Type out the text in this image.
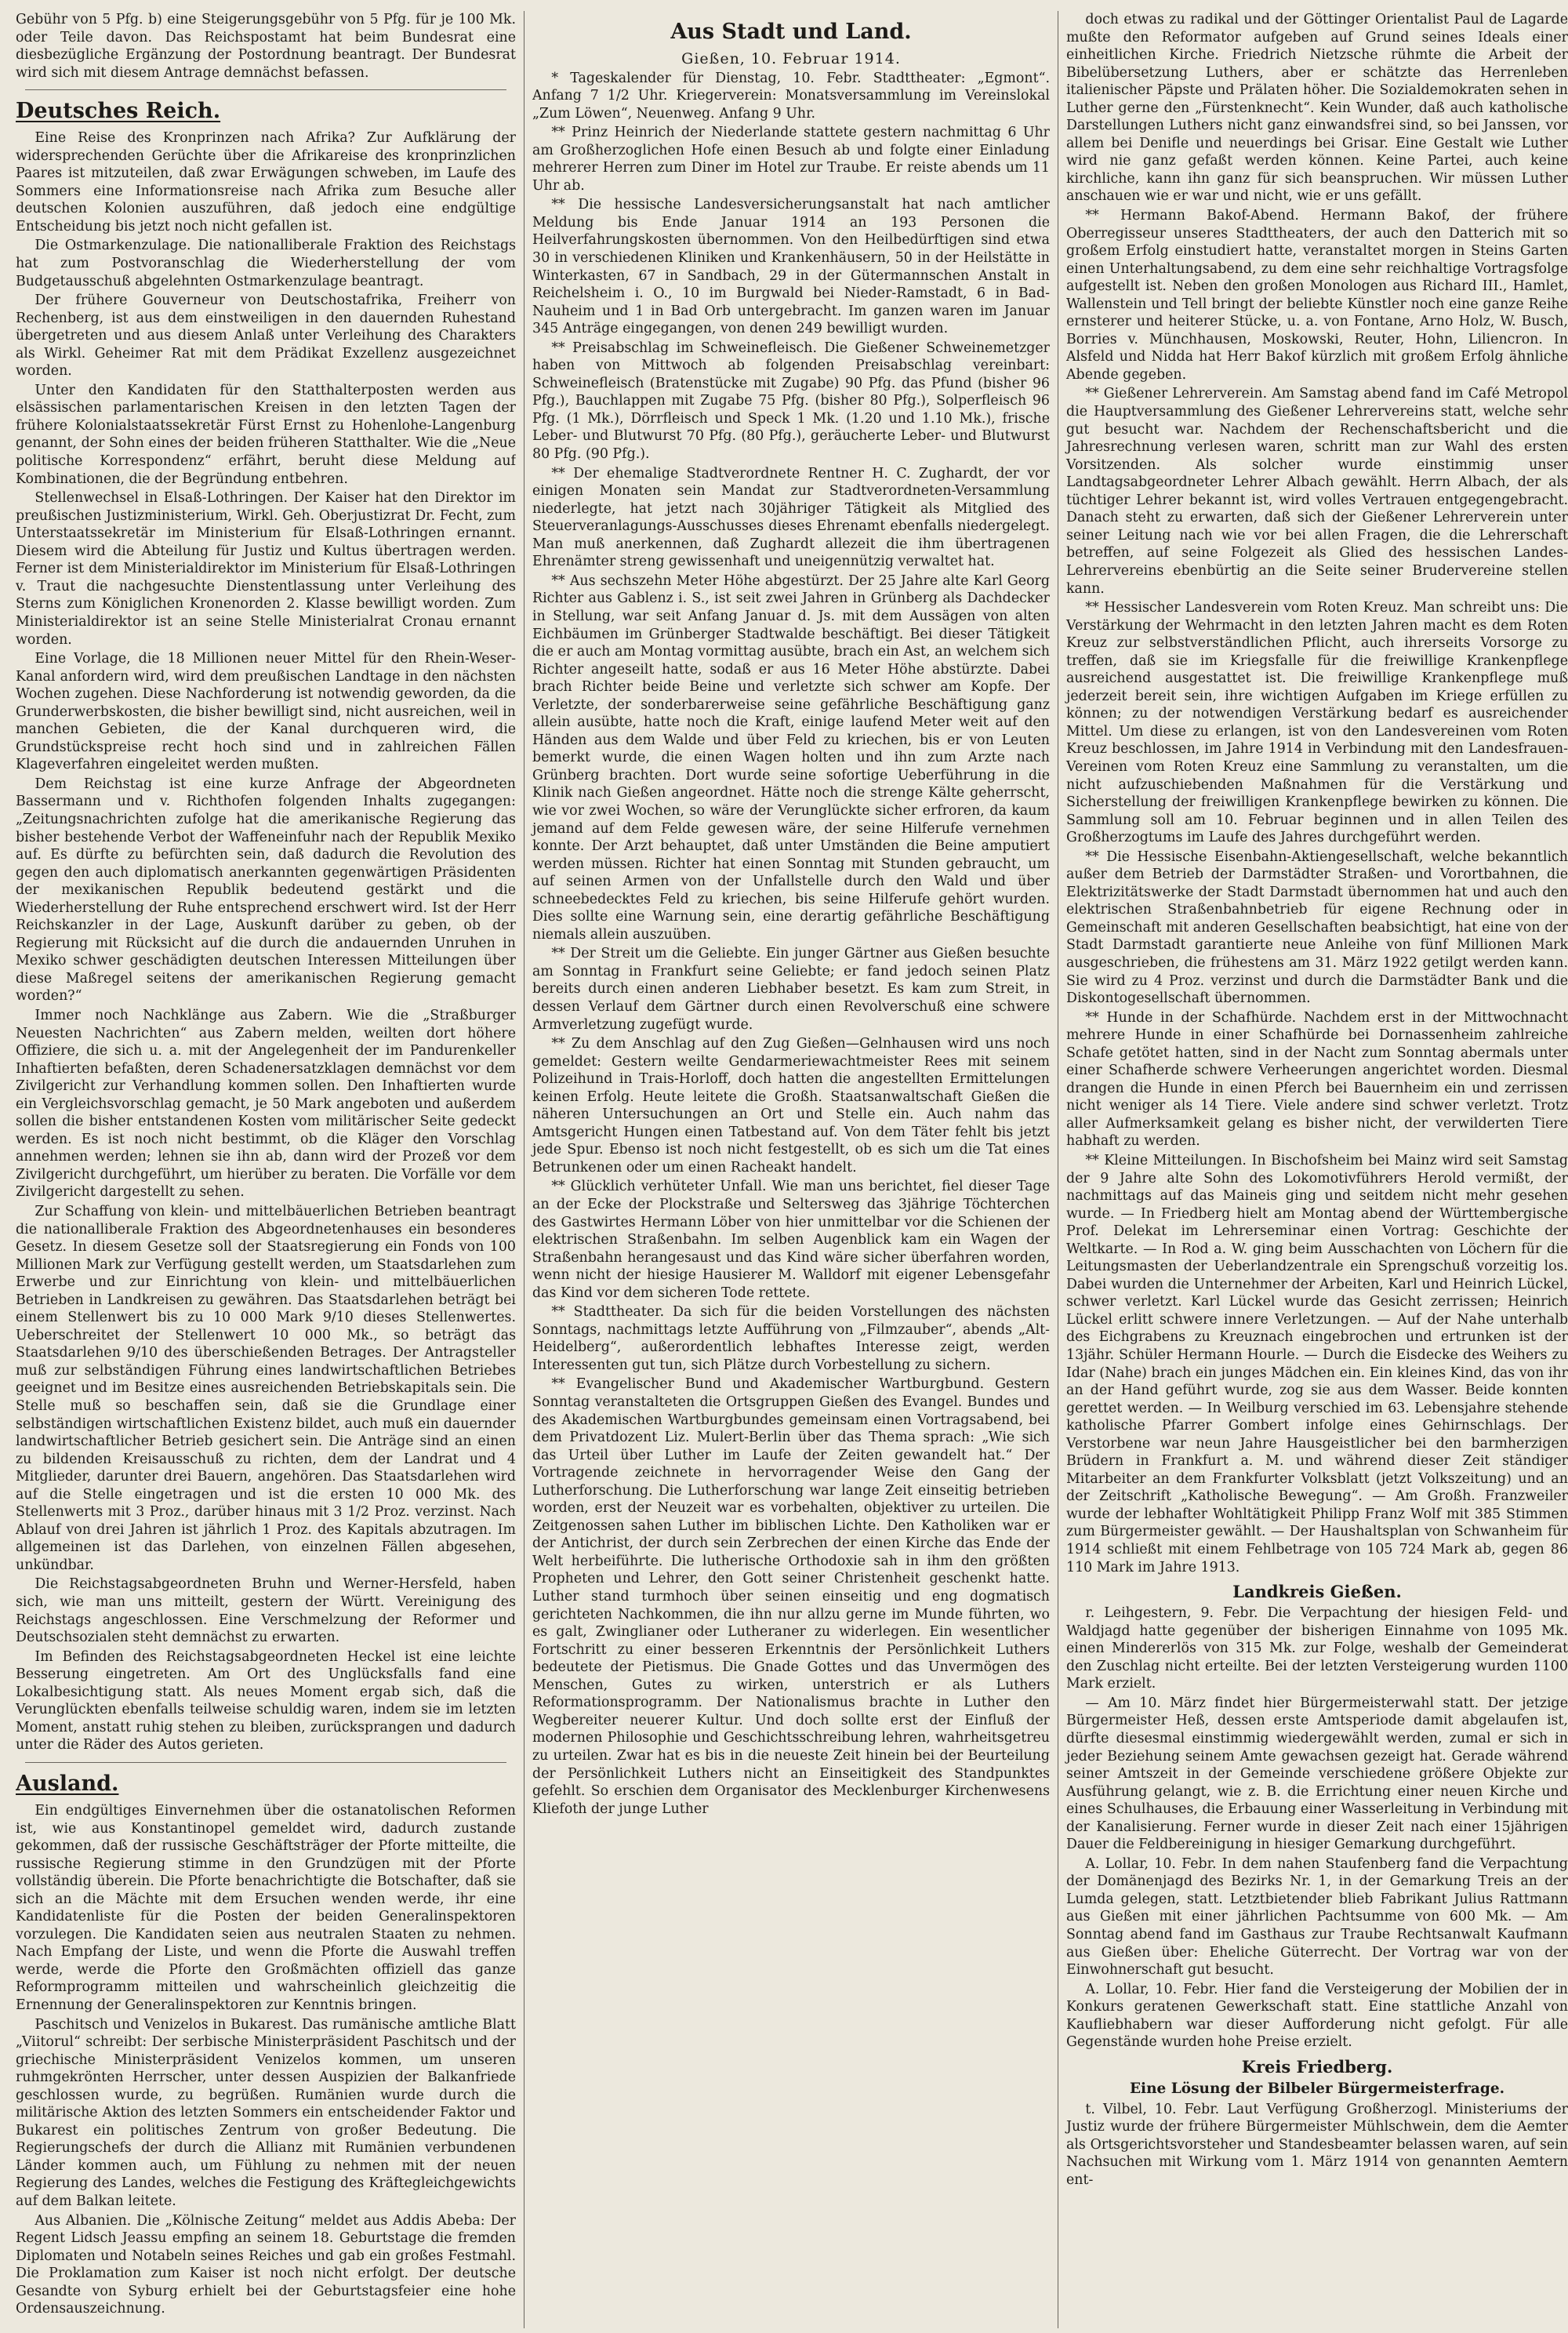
Gebühr von 5 Pfg. b) eine Steigerungsgebühr von 5 Pfg. für je 100 Mk. oder Teile davon. Das Reichspostamt hat beim Bundesrat eine diesbezügliche Ergänzung der Postordnung beantragt. Der Bundesrat wird sich mit diesem Antrage demnächst befassen.

Deutsches Reich.

Eine Reise des Kronprinzen nach Afrika? Zur Aufklärung der widersprechenden Gerüchte über die Afrikareise des kronprinzlichen Paares ist mitzuteilen, daß zwar Erwägungen schweben, im Laufe des Sommers eine Informationsreise nach Afrika zum Besuche aller deutschen Kolonien auszuführen, daß jedoch eine endgültige Entscheidung bis jetzt noch nicht gefallen ist.

Die Ostmarkenzulage. Die nationalliberale Fraktion des Reichstags hat zum Postvoranschlag die Wiederherstellung der vom Budgetausschuß abgelehnten Ostmarkenzulage beantragt.

Der frühere Gouverneur von Deutschostafrika, Freiherr von Rechenberg, ist aus dem einstweiligen in den dauernden Ruhestand übergetreten und aus diesem Anlaß unter Verleihung des Charakters als Wirkl. Geheimer Rat mit dem Prädikat Exzellenz ausgezeichnet worden.

Unter den Kandidaten für den Statthalterposten werden aus elsässischen parlamentarischen Kreisen in den letzten Tagen der frühere Kolonialstaatssekretär Fürst Ernst zu Hohenlohe-Langenburg genannt, der Sohn eines der beiden früheren Statthalter. Wie die „Neue politische Korrespondenz“ erfährt, beruht diese Meldung auf Kombinationen, die der Begründung entbehren.

Stellenwechsel in Elsaß-Lothringen. Der Kaiser hat den Direktor im preußischen Justizministerium, Wirkl. Geh. Oberjustizrat Dr. Fecht, zum Unterstaatssekretär im Ministerium für Elsaß-Lothringen ernannt. Diesem wird die Abteilung für Justiz und Kultus übertragen werden. Ferner ist dem Ministerialdirektor im Ministerium für Elsaß-Lothringen v. Traut die nachgesuchte Dienstentlassung unter Verleihung des Sterns zum Königlichen Kronenorden 2. Klasse bewilligt worden. Zum Ministerialdirektor ist an seine Stelle Ministerialrat Cronau ernannt worden.

Eine Vorlage, die 18 Millionen neuer Mittel für den Rhein-Weser-Kanal anfordern wird, wird dem preußischen Landtage in den nächsten Wochen zugehen. Diese Nachforderung ist notwendig geworden, da die Grunderwerbskosten, die bisher bewilligt sind, nicht ausreichen, weil in manchen Gebieten, die der Kanal durchqueren wird, die Grundstückspreise recht hoch sind und in zahlreichen Fällen Klageverfahren eingeleitet werden mußten.

Dem Reichstag ist eine kurze Anfrage der Abgeordneten Bassermann und v. Richthofen folgenden Inhalts zugegangen: „Zeitungsnachrichten zufolge hat die amerikanische Regierung das bisher bestehende Verbot der Waffeneinfuhr nach der Republik Mexiko auf. Es dürfte zu befürchten sein, daß dadurch die Revolution des gegen den auch diplomatisch anerkannten gegenwärtigen Präsidenten der mexikanischen Republik bedeutend gestärkt und die Wiederherstellung der Ruhe entsprechend erschwert wird. Ist der Herr Reichskanzler in der Lage, Auskunft darüber zu geben, ob der Regierung mit Rücksicht auf die durch die andauernden Unruhen in Mexiko schwer geschädigten deutschen Interessen Mitteilungen über diese Maßregel seitens der amerikanischen Regierung gemacht worden?“

Immer noch Nachklänge aus Zabern. Wie die „Straßburger Neuesten Nachrichten“ aus Zabern melden, weilten dort höhere Offiziere, die sich u. a. mit der Angelegenheit der im Pandurenkeller Inhaftierten befaßten, deren Schadenersatzklagen demnächst vor dem Zivilgericht zur Verhandlung kommen sollen. Den Inhaftierten wurde ein Vergleichsvorschlag gemacht, je 50 Mark angeboten und außerdem sollen die bisher entstandenen Kosten vom militärischer Seite gedeckt werden. Es ist noch nicht bestimmt, ob die Kläger den Vorschlag annehmen werden; lehnen sie ihn ab, dann wird der Prozeß vor dem Zivilgericht durchgeführt, um hierüber zu beraten. Die Vorfälle vor dem Zivilgericht dargestellt zu sehen.

Zur Schaffung von klein- und mittelbäuerlichen Betrieben beantragt die nationalliberale Fraktion des Abgeordnetenhauses ein besonderes Gesetz. In diesem Gesetze soll der Staatsregierung ein Fonds von 100 Millionen Mark zur Verfügung gestellt werden, um Staatsdarlehen zum Erwerbe und zur Einrichtung von klein- und mittelbäuerlichen Betrieben in Landkreisen zu gewähren. Das Staatsdarlehen beträgt bei einem Stellenwert bis zu 10 000 Mark 9/10 dieses Stellenwertes. Ueberschreitet der Stellenwert 10 000 Mk., so beträgt das Staatsdarlehen 9/10 des überschießenden Betrages. Der Antragsteller muß zur selbständigen Führung eines landwirtschaftlichen Betriebes geeignet und im Besitze eines ausreichenden Betriebskapitals sein. Die Stelle muß so beschaffen sein, daß sie die Grundlage einer selbständigen wirtschaftlichen Existenz bildet, auch muß ein dauernder landwirtschaftlicher Betrieb gesichert sein. Die Anträge sind an einen zu bildenden Kreisausschuß zu richten, dem der Landrat und 4 Mitglieder, darunter drei Bauern, angehören. Das Staatsdarlehen wird auf die Stelle eingetragen und ist die ersten 10 000 Mk. des Stellenwerts mit 3 Proz., darüber hinaus mit 3 1/2 Proz. verzinst. Nach Ablauf von drei Jahren ist jährlich 1 Proz. des Kapitals abzutragen. Im allgemeinen ist das Darlehen, von einzelnen Fällen abgesehen, unkündbar.

Die Reichstagsabgeordneten Bruhn und Werner-Hersfeld, haben sich, wie man uns mitteilt, gestern der Württ. Vereinigung des Reichstags angeschlossen. Eine Verschmelzung der Reformer und Deutschsozialen steht demnächst zu erwarten.

Im Befinden des Reichstagsabgeordneten Heckel ist eine leichte Besserung eingetreten. Am Ort des Unglücksfalls fand eine Lokalbesichtigung statt. Als neues Moment ergab sich, daß die Verunglückten ebenfalls teilweise schuldig waren, indem sie im letzten Moment, anstatt ruhig stehen zu bleiben, zurücksprangen und dadurch unter die Räder des Autos gerieten.

Ausland.

Ein endgültiges Einvernehmen über die ostanatolischen Reformen ist, wie aus Konstantinopel gemeldet wird, dadurch zustande gekommen, daß der russische Geschäftsträger der Pforte mitteilte, die russische Regierung stimme in den Grundzügen mit der Pforte vollständig überein. Die Pforte benachrichtigte die Botschafter, daß sie sich an die Mächte mit dem Ersuchen wenden werde, ihr eine Kandidatenliste für die Posten der beiden Generalinspektoren vorzulegen. Die Kandidaten seien aus neutralen Staaten zu nehmen. Nach Empfang der Liste, und wenn die Pforte die Auswahl treffen werde, werde die Pforte den Großmächten offiziell das ganze Reformprogramm mitteilen und wahrscheinlich gleichzeitig die Ernennung der Generalinspektoren zur Kenntnis bringen.

Paschitsch und Venizelos in Bukarest. Das rumänische amtliche Blatt „Viitorul“ schreibt: Der serbische Ministerpräsident Paschitsch und der griechische Ministerpräsident Venizelos kommen, um unseren ruhmgekrönten Herrscher, unter dessen Auspizien der Balkanfriede geschlossen wurde, zu begrüßen. Rumänien wurde durch die militärische Aktion des letzten Sommers ein entscheidender Faktor und Bukarest ein politisches Zentrum von großer Bedeutung. Die Regierungschefs der durch die Allianz mit Rumänien verbundenen Länder kommen auch, um Fühlung zu nehmen mit der neuen Regierung des Landes, welches die Festigung des Kräftegleichgewichts auf dem Balkan leitete.

Aus Albanien. Die „Kölnische Zeitung“ meldet aus Addis Abeba: Der Regent Lidsch Jeassu empfing an seinem 18. Geburtstage die fremden Diplomaten und Notabeln seines Reiches und gab ein großes Festmahl. Die Proklamation zum Kaiser ist noch nicht erfolgt. Der deutsche Gesandte von Syburg erhielt bei der Geburtstagsfeier eine hohe Ordensauszeichnung.

Aus Stadt und Land.
Gießen, 10. Februar 1914.

* Tageskalender für Dienstag, 10. Febr. Stadttheater: „Egmont“. Anfang 7 1/2 Uhr. Kriegerverein: Monatsversammlung im Vereinslokal „Zum Löwen“, Neuenweg. Anfang 9 Uhr.

** Prinz Heinrich der Niederlande stattete gestern nachmittag 6 Uhr am Großherzoglichen Hofe einen Besuch ab und folgte einer Einladung mehrerer Herren zum Diner im Hotel zur Traube. Er reiste abends um 11 Uhr ab.

** Die hessische Landesversicherungsanstalt hat nach amtlicher Meldung bis Ende Januar 1914 an 193 Personen die Heilverfahrungskosten übernommen. Von den Heilbedürftigen sind etwa 30 in verschiedenen Kliniken und Krankenhäusern, 50 in der Heilstätte in Winterkasten, 67 in Sandbach, 29 in der Gütermannschen Anstalt in Reichelsheim i. O., 10 im Burgwald bei Nieder-Ramstadt, 6 in Bad-Nauheim und 1 in Bad Orb untergebracht. Im ganzen waren im Januar 345 Anträge eingegangen, von denen 249 bewilligt wurden.

** Preisabschlag im Schweinefleisch. Die Gießener Schweinemetzger haben von Mittwoch ab folgenden Preisabschlag vereinbart: Schweinefleisch (Bratenstücke mit Zugabe) 90 Pfg. das Pfund (bisher 96 Pfg.), Bauchlappen mit Zugabe 75 Pfg. (bisher 80 Pfg.), Solperfleisch 96 Pfg. (1 Mk.), Dörrfleisch und Speck 1 Mk. (1.20 und 1.10 Mk.), frische Leber- und Blutwurst 70 Pfg. (80 Pfg.), geräucherte Leber- und Blutwurst 80 Pfg. (90 Pfg.).

** Der ehemalige Stadtverordnete Rentner H. C. Zughardt, der vor einigen Monaten sein Mandat zur Stadtverordneten-Versammlung niederlegte, hat jetzt nach 30jähriger Tätigkeit als Mitglied des Steuerveranlagungs-Ausschusses dieses Ehrenamt ebenfalls niedergelegt. Man muß anerkennen, daß Zughardt allezeit die ihm übertragenen Ehrenämter streng gewissenhaft und uneigennützig verwaltet hat.

** Aus sechszehn Meter Höhe abgestürzt. Der 25 Jahre alte Karl Georg Richter aus Gablenz i. S., ist seit zwei Jahren in Grünberg als Dachdecker in Stellung, war seit Anfang Januar d. Js. mit dem Aussägen von alten Eichbäumen im Grünberger Stadtwalde beschäftigt. Bei dieser Tätigkeit die er auch am Montag vormittag ausübte, brach ein Ast, an welchem sich Richter angeseilt hatte, sodaß er aus 16 Meter Höhe abstürzte. Dabei brach Richter beide Beine und verletzte sich schwer am Kopfe. Der Verletzte, der sonderbarerweise seine gefährliche Beschäftigung ganz allein ausübte, hatte noch die Kraft, einige laufend Meter weit auf den Händen aus dem Walde und über Feld zu kriechen, bis er von Leuten bemerkt wurde, die einen Wagen holten und ihn zum Arzte nach Grünberg brachten. Dort wurde seine sofortige Ueberführung in die Klinik nach Gießen angeordnet. Hätte noch die strenge Kälte geherrscht, wie vor zwei Wochen, so wäre der Verunglückte sicher erfroren, da kaum jemand auf dem Felde gewesen wäre, der seine Hilferufe vernehmen konnte. Der Arzt behauptet, daß unter Umständen die Beine amputiert werden müssen. Richter hat einen Sonntag mit Stunden gebraucht, um auf seinen Armen von der Unfallstelle durch den Wald und über schneebedecktes Feld zu kriechen, bis seine Hilferufe gehört wurden. Dies sollte eine Warnung sein, eine derartig gefährliche Beschäftigung niemals allein auszuüben.

** Der Streit um die Geliebte. Ein junger Gärtner aus Gießen besuchte am Sonntag in Frankfurt seine Geliebte; er fand jedoch seinen Platz bereits durch einen anderen Liebhaber besetzt. Es kam zum Streit, in dessen Verlauf dem Gärtner durch einen Revolverschuß eine schwere Armverletzung zugefügt wurde.

** Zu dem Anschlag auf den Zug Gießen—Gelnhausen wird uns noch gemeldet: Gestern weilte Gendarmeriewachtmeister Rees mit seinem Polizeihund in Trais-Horloff, doch hatten die angestellten Ermittelungen keinen Erfolg. Heute leitete die Großh. Staatsanwaltschaft Gießen die näheren Untersuchungen an Ort und Stelle ein. Auch nahm das Amtsgericht Hungen einen Tatbestand auf. Von dem Täter fehlt bis jetzt jede Spur. Ebenso ist noch nicht festgestellt, ob es sich um die Tat eines Betrunkenen oder um einen Racheakt handelt.

** Glücklich verhüteter Unfall. Wie man uns berichtet, fiel dieser Tage an der Ecke der Plockstraße und Seltersweg das 3jährige Töchterchen des Gastwirtes Hermann Löber von hier unmittelbar vor die Schienen der elektrischen Straßenbahn. Im selben Augenblick kam ein Wagen der Straßenbahn herangesaust und das Kind wäre sicher überfahren worden, wenn nicht der hiesige Hausierer M. Walldorf mit eigener Lebensgefahr das Kind vor dem sicheren Tode rettete.

** Stadttheater. Da sich für die beiden Vorstellungen des nächsten Sonntags, nachmittags letzte Aufführung von „Filmzauber“, abends „Alt-Heidelberg“, außerordentlich lebhaftes Interesse zeigt, werden Interessenten gut tun, sich Plätze durch Vorbestellung zu sichern.

** Evangelischer Bund und Akademischer Wartburgbund. Gestern Sonntag veranstalteten die Ortsgruppen Gießen des Evangel. Bundes und des Akademischen Wartburgbundes gemeinsam einen Vortragsabend, bei dem Privatdozent Liz. Mulert-Berlin über das Thema sprach: „Wie sich das Urteil über Luther im Laufe der Zeiten gewandelt hat.“ Der Vortragende zeichnete in hervorragender Weise den Gang der Lutherforschung. Die Lutherforschung war lange Zeit einseitig betrieben worden, erst der Neuzeit war es vorbehalten, objektiver zu urteilen. Die Zeitgenossen sahen Luther im biblischen Lichte. Den Katholiken war er der Antichrist, der durch sein Zerbrechen der einen Kirche das Ende der Welt herbeiführte. Die lutherische Orthodoxie sah in ihm den größten Propheten und Lehrer, den Gott seiner Christenheit geschenkt hatte. Luther stand turmhoch über seinen einseitig und eng dogmatisch gerichteten Nachkommen, die ihn nur allzu gerne im Munde führten, wo es galt, Zwinglianer oder Lutheraner zu widerlegen. Ein wesentlicher Fortschritt zu einer besseren Erkenntnis der Persönlichkeit Luthers bedeutete der Pietismus. Die Gnade Gottes und das Unvermögen des Menschen, Gutes zu wirken, unterstrich er als Luthers Reformationsprogramm. Der Nationalismus brachte in Luther den Wegbereiter neuerer Kultur. Und doch sollte erst der Einfluß der modernen Philosophie und Geschichtsschreibung lehren, wahrheitsgetreu zu urteilen. Zwar hat es bis in die neueste Zeit hinein bei der Beurteilung der Persönlichkeit Luthers nicht an Einseitigkeit des Standpunktes gefehlt. So erschien dem Organisator des Mecklenburger Kirchenwesens Kliefoth der junge Luther

doch etwas zu radikal und der Göttinger Orientalist Paul de Lagarde mußte den Reformator aufgeben auf Grund seines Ideals einer einheitlichen Kirche. Friedrich Nietzsche rühmte die Arbeit der Bibelübersetzung Luthers, aber er schätzte das Herrenleben italienischer Päpste und Prälaten höher. Die Sozialdemokraten sehen in Luther gerne den „Fürstenknecht“. Kein Wunder, daß auch katholische Darstellungen Luthers nicht ganz einwandsfrei sind, so bei Janssen, vor allem bei Denifle und neuerdings bei Grisar. Eine Gestalt wie Luther wird nie ganz gefaßt werden können. Keine Partei, auch keine kirchliche, kann ihn ganz für sich beanspruchen. Wir müssen Luther anschauen wie er war und nicht, wie er uns gefällt.

** Hermann Bakof-Abend. Hermann Bakof, der frühere Oberregisseur unseres Stadttheaters, der auch den Datterich mit so großem Erfolg einstudiert hatte, veranstaltet morgen in Steins Garten einen Unterhaltungsabend, zu dem eine sehr reichhaltige Vortragsfolge aufgestellt ist. Neben den großen Monologen aus Richard III., Hamlet, Wallenstein und Tell bringt der beliebte Künstler noch eine ganze Reihe ernsterer und heiterer Stücke, u. a. von Fontane, Arno Holz, W. Busch, Borries v. Münchhausen, Moskowski, Reuter, Hohn, Liliencron. In Alsfeld und Nidda hat Herr Bakof kürzlich mit großem Erfolg ähnliche Abende gegeben.

** Gießener Lehrerverein. Am Samstag abend fand im Café Metropol die Hauptversammlung des Gießener Lehrervereins statt, welche sehr gut besucht war. Nachdem der Rechenschaftsbericht und die Jahresrechnung verlesen waren, schritt man zur Wahl des ersten Vorsitzenden. Als solcher wurde einstimmig unser Landtagsabgeordneter Lehrer Albach gewählt. Herrn Albach, der als tüchtiger Lehrer bekannt ist, wird volles Vertrauen entgegengebracht. Danach steht zu erwarten, daß sich der Gießener Lehrerverein unter seiner Leitung nach wie vor bei allen Fragen, die die Lehrerschaft betreffen, auf seine Folgezeit als Glied des hessischen Landes-Lehrervereins ebenbürtig an die Seite seiner Brudervereine stellen kann.

** Hessischer Landesverein vom Roten Kreuz. Man schreibt uns: Die Verstärkung der Wehrmacht in den letzten Jahren macht es dem Roten Kreuz zur selbstverständlichen Pflicht, auch ihrerseits Vorsorge zu treffen, daß sie im Kriegsfalle für die freiwillige Krankenpflege ausreichend ausgestattet ist. Die freiwillige Krankenpflege muß jederzeit bereit sein, ihre wichtigen Aufgaben im Kriege erfüllen zu können; zu der notwendigen Verstärkung bedarf es ausreichender Mittel. Um diese zu erlangen, ist von den Landesvereinen vom Roten Kreuz beschlossen, im Jahre 1914 in Verbindung mit den Landesfrauen-Vereinen vom Roten Kreuz eine Sammlung zu veranstalten, um die nicht aufzuschiebenden Maßnahmen für die Verstärkung und Sicherstellung der freiwilligen Krankenpflege bewirken zu können. Die Sammlung soll am 10. Februar beginnen und in allen Teilen des Großherzogtums im Laufe des Jahres durchgeführt werden.

** Die Hessische Eisenbahn-Aktiengesellschaft, welche bekanntlich außer dem Betrieb der Darmstädter Straßen- und Vorortbahnen, die Elektrizitätswerke der Stadt Darmstadt übernommen hat und auch den elektrischen Straßenbahnbetrieb für eigene Rechnung oder in Gemeinschaft mit anderen Gesellschaften beabsichtigt, hat eine von der Stadt Darmstadt garantierte neue Anleihe von fünf Millionen Mark ausgeschrieben, die frühestens am 31. März 1922 getilgt werden kann. Sie wird zu 4 Proz. verzinst und durch die Darmstädter Bank und die Diskontogesellschaft übernommen.

** Hunde in der Schafhürde. Nachdem erst in der Mittwochnacht mehrere Hunde in einer Schafhürde bei Dornassenheim zahlreiche Schafe getötet hatten, sind in der Nacht zum Sonntag abermals unter einer Schafherde schwere Verheerungen angerichtet worden. Diesmal drangen die Hunde in einen Pferch bei Bauernheim ein und zerrissen nicht weniger als 14 Tiere. Viele andere sind schwer verletzt. Trotz aller Aufmerksamkeit gelang es bisher nicht, der verwilderten Tiere habhaft zu werden.

** Kleine Mitteilungen. In Bischofsheim bei Mainz wird seit Samstag der 9 Jahre alte Sohn des Lokomotivführers Herold vermißt, der nachmittags auf das Maineis ging und seitdem nicht mehr gesehen wurde. — In Friedberg hielt am Montag abend der Württembergische Prof. Delekat im Lehrerseminar einen Vortrag: Geschichte der Weltkarte. — In Rod a. W. ging beim Ausschachten von Löchern für die Leitungsmasten der Ueberlandzentrale ein Sprengschuß vorzeitig los. Dabei wurden die Unternehmer der Arbeiten, Karl und Heinrich Lückel, schwer verletzt. Karl Lückel wurde das Gesicht zerrissen; Heinrich Lückel erlitt schwere innere Verletzungen. — Auf der Nahe unterhalb des Eichgrabens zu Kreuznach eingebrochen und ertrunken ist der 13jähr. Schüler Hermann Hourle. — Durch die Eisdecke des Weihers zu Idar (Nahe) brach ein junges Mädchen ein. Ein kleines Kind, das von ihr an der Hand geführt wurde, zog sie aus dem Wasser. Beide konnten gerettet werden. — In Weilburg verschied im 63. Lebensjahre stehende katholische Pfarrer Gombert infolge eines Gehirnschlags. Der Verstorbene war neun Jahre Hausgeistlicher bei den barmherzigen Brüdern in Frankfurt a. M. und während dieser Zeit ständiger Mitarbeiter an dem Frankfurter Volksblatt (jetzt Volkszeitung) und an der Zeitschrift „Katholische Bewegung“. — Am Großh. Franzweiler wurde der lebhafter Wohltätigkeit Philipp Franz Wolf mit 385 Stimmen zum Bürgermeister gewählt. — Der Haushaltsplan von Schwanheim für 1914 schließt mit einem Fehlbetrage von 105 724 Mark ab, gegen 86 110 Mark im Jahre 1913.

Landkreis Gießen.

r. Leihgestern, 9. Febr. Die Verpachtung der hiesigen Feld- und Waldjagd hatte gegenüber der bisherigen Einnahme von 1095 Mk. einen Mindererlös von 315 Mk. zur Folge, weshalb der Gemeinderat den Zuschlag nicht erteilte. Bei der letzten Versteigerung wurden 1100 Mark erzielt.

— Am 10. März findet hier Bürgermeisterwahl statt. Der jetzige Bürgermeister Heß, dessen erste Amtsperiode damit abgelaufen ist, dürfte diesesmal einstimmig wiedergewählt werden, zumal er sich in jeder Beziehung seinem Amte gewachsen gezeigt hat. Gerade während seiner Amtszeit in der Gemeinde verschiedene größere Objekte zur Ausführung gelangt, wie z. B. die Errichtung einer neuen Kirche und eines Schulhauses, die Erbauung einer Wasserleitung in Verbindung mit der Kanalisierung. Ferner wurde in dieser Zeit nach einer 15jährigen Dauer die Feldbereinigung in hiesiger Gemarkung durchgeführt.

A. Lollar, 10. Febr. In dem nahen Staufenberg fand die Verpachtung der Domänenjagd des Bezirks Nr. 1, in der Gemarkung Treis an der Lumda gelegen, statt. Letztbietender blieb Fabrikant Julius Rattmann aus Gießen mit einer jährlichen Pachtsumme von 600 Mk. — Am Sonntag abend fand im Gasthaus zur Traube Rechtsanwalt Kaufmann aus Gießen über: Eheliche Güterrecht. Der Vortrag war von der Einwohnerschaft gut besucht.

A. Lollar, 10. Febr. Hier fand die Versteigerung der Mobilien der in Konkurs geratenen Gewerkschaft statt. Eine stattliche Anzahl von Kaufliebhabern war dieser Aufforderung nicht gefolgt. Für alle Gegenstände wurden hohe Preise erzielt.

Kreis Friedberg.
Eine Lösung der Bilbeler Bürgermeisterfrage.

t. Vilbel, 10. Febr. Laut Verfügung Großherzogl. Ministeriums der Justiz wurde der frühere Bürgermeister Mühlschwein, dem die Aemter als Ortsgerichtsvorsteher und Standesbeamter belassen waren, auf sein Nachsuchen mit Wirkung vom 1. März 1914 von genannten Aemtern ent-
